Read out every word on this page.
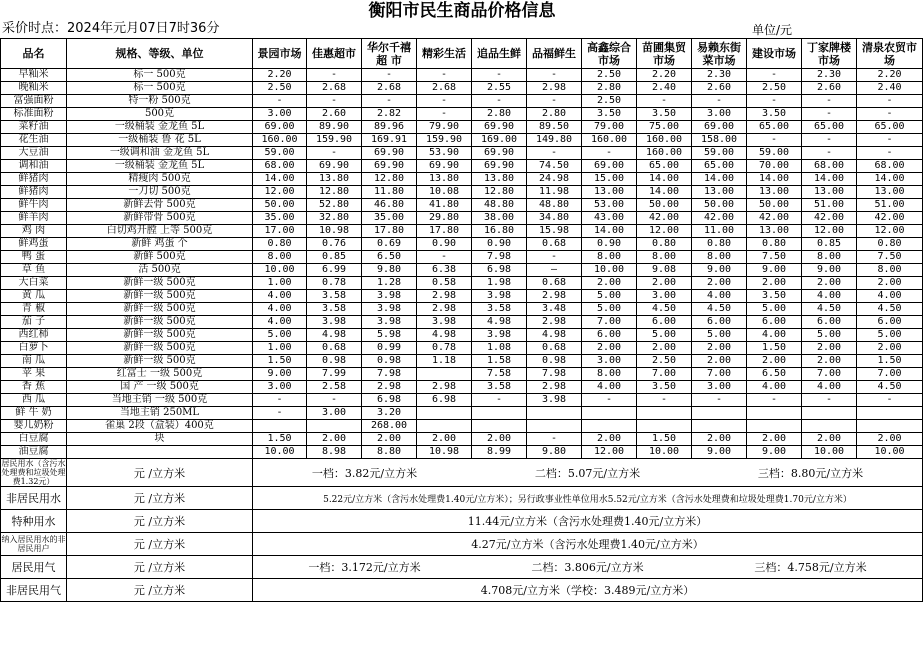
衡阳市民生商品价格信息
采价时点：2024年元月07日7时36分	单位/元
品名	规格、等级、单位	景园市场	佳惠超市	华尔千禧超 市	精彩生活	追品生鲜	品福鲜生	高鑫综合市场	苗圃集贸市场	易赖东街菜市场	建设市场	丁家牌楼市场	清泉农贸市场
早籼米	标一 500克	2.20	-	-	-	-	-	2.50	2.20	2.30	-	2.30	2.20
晚籼米	标一 500克	2.50	2.68	2.68	2.68	2.55	2.98	2.80	2.40	2.60	2.50	2.60	2.40
富强面粉	特一粉 500克	-	-	-	-	-	-	2.50	-	-	-	-	-
标准面粉	500克	3.00	2.60	2.82	-	2.80	2.80	3.50	3.50	3.00	3.50	-	-
菜籽油	一级桶装 金龙鱼 5L	69.00	89.90	89.96	79.90	69.90	89.50	79.00	75.00	69.00	65.00	65.00	65.00
花生油	一级桶装 鲁 花 5L	160.00	159.90	169.91	159.90	169.00	149.80	160.00	160.00	158.00	-	-	-
大豆油	一级调和油 金龙鱼 5L	59.00	-	69.90	53.90	69.90	-	-	160.00	59.00	59.00	-	-
调和油	一级桶装 金龙鱼 5L	68.00	69.90	69.90	69.90	69.90	74.50	69.00	65.00	65.00	70.00	68.00	68.00
鲜猪肉	精瘦肉 500克	14.00	13.80	12.80	13.80	13.80	24.98	15.00	14.00	14.00	14.00	14.00	14.00
鲜猪肉	一刀切 500克	12.00	12.80	11.80	10.08	12.80	11.98	13.00	14.00	13.00	13.00	13.00	13.00
鲜牛肉	新鲜去骨 500克	50.00	52.80	46.80	41.80	48.80	48.80	53.00	50.00	50.00	50.00	51.00	51.00
鲜羊肉	新鲜带骨 500克	35.00	32.80	35.00	29.80	38.00	34.80	43.00	42.00	42.00	42.00	42.00	42.00
鸡 肉	白切鸡开膛 上等 500克	17.00	10.98	17.80	17.80	16.80	15.98	14.00	12.00	11.00	13.00	12.00	12.00
鲜鸡蛋	新鲜 鸡蛋 个	0.80	0.76	0.69	0.90	0.90	0.68	0.90	0.80	0.80	0.80	0.85	0.80
鸭 蛋	新鲜 500克	8.00	0.85	6.50	-	7.98	-	8.00	8.00	8.00	7.50	8.00	7.50
草 鱼	活 500克	10.00	6.99	9.80	6.38	6.98	—	10.00	9.08	9.00	9.00	9.00	8.00
大白菜	新鲜一级 500克	1.00	0.78	1.28	0.58	1.98	0.68	2.00	2.00	2.00	2.00	2.00	2.00
黄 瓜	新鲜一级 500克	4.00	3.58	3.98	2.98	3.98	2.98	5.00	3.00	4.00	3.50	4.00	4.00
青 椒	新鲜一级 500克	4.00	3.58	3.98	2.98	3.58	3.48	5.00	4.50	4.50	5.00	4.50	4.50
茄 子	新鲜一级 500克	4.00	3.98	3.98	3.98	4.98	2.98	7.00	6.00	6.00	6.00	6.00	6.00
西红柿	新鲜一级 500克	5.00	4.98	5.98	4.98	3.98	4.98	6.00	5.00	5.00	4.00	5.00	5.00
白萝卜	新鲜一级 500克	1.00	0.68	0.99	0.78	1.08	0.68	2.00	2.00	2.00	1.50	2.00	2.00
南 瓜	新鲜一级 500克	1.50	0.98	0.98	1.18	1.58	0.98	3.00	2.50	2.00	2.00	2.00	1.50
苹 果	红富士 一级 500克	9.00	7.99	7.98		7.58	7.98	8.00	7.00	7.00	6.50	7.00	7.00
香 蕉	国 产 一级 500克	3.00	2.58	2.98	2.98	3.58	2.98	4.00	3.50	3.00	4.00	4.00	4.50
西 瓜	当地主销 一级 500克	-	-	6.98	6.98	-	3.98	-	-	-	-	-	-
鲜 牛 奶	当地主销 250ML	-	3.00	3.20									
婴儿奶粉	雀巢 2段（盒装）400克			268.00									
白豆腐	块	1.50	2.00	2.00	2.00	2.00	-	2.00	1.50	2.00	2.00	2.00	2.00
油豆腐		10.00	8.98	8.80	10.98	8.99	9.80	12.00	10.00	9.00	9.00	10.00	10.00
居民用水（含污水处理费和垃圾处理费1.32元）	元 /立方米	一档：3.82元/立方米 二档：5.07元/立方米 三档：8.80元/立方米											

非居民用水	元 /立方米	5.22元/立方米（含污水处理费1.40元/立方米）；另行政事业性单位用水5.52元/立方米（含污水处理费和垃圾处理费1.70元/立方米）											
特种用水	元 /立方米	11.44元/立方米（含污水处理费1.40元/立方米）											
纳入居民用水的非居民用户	元 /立方米	4.27元/立方米（含污水处理费1.40元/立方米）											
居民用气	元 /立方米	一档：3.172元/立方米 二档：3.806元/立方米 三档：4.758元/立方米											

非居民用气	元 /立方米	4.708元/立方米（学校：3.489元/立方米）											
